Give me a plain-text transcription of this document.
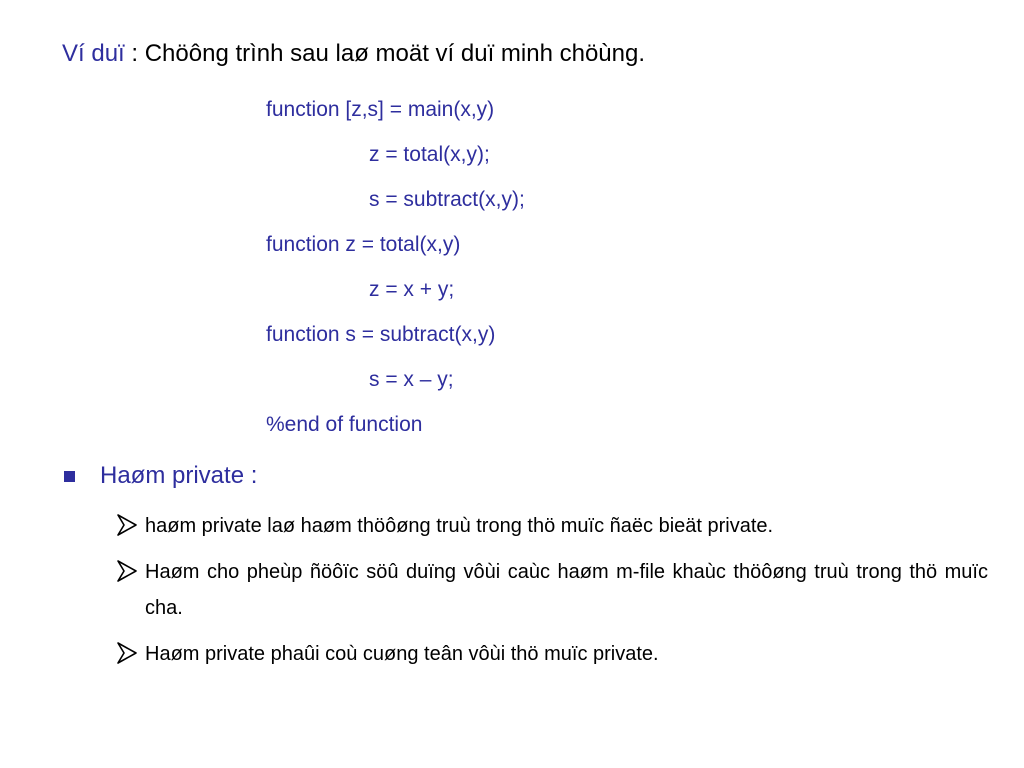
Ví duï : Chöông trình sau laø moät ví duï minh chöùng.
function [z,s] = main(x,y)
z = total(x,y);
s = subtract(x,y);
function z = total(x,y)
z = x + y;
function s = subtract(x,y)
s = x – y;
%end of function
Haøm private :
haøm private laø haøm thöôøng truù trong thö muïc ñaëc bieät private.
Haøm cho pheùp ñöôïc söû duïng vôùi caùc haøm m-file khaùc thöôøng truù trong thö muïc cha.
Haøm private phaûi coù cuøng teân vôùi thö muïc private.
